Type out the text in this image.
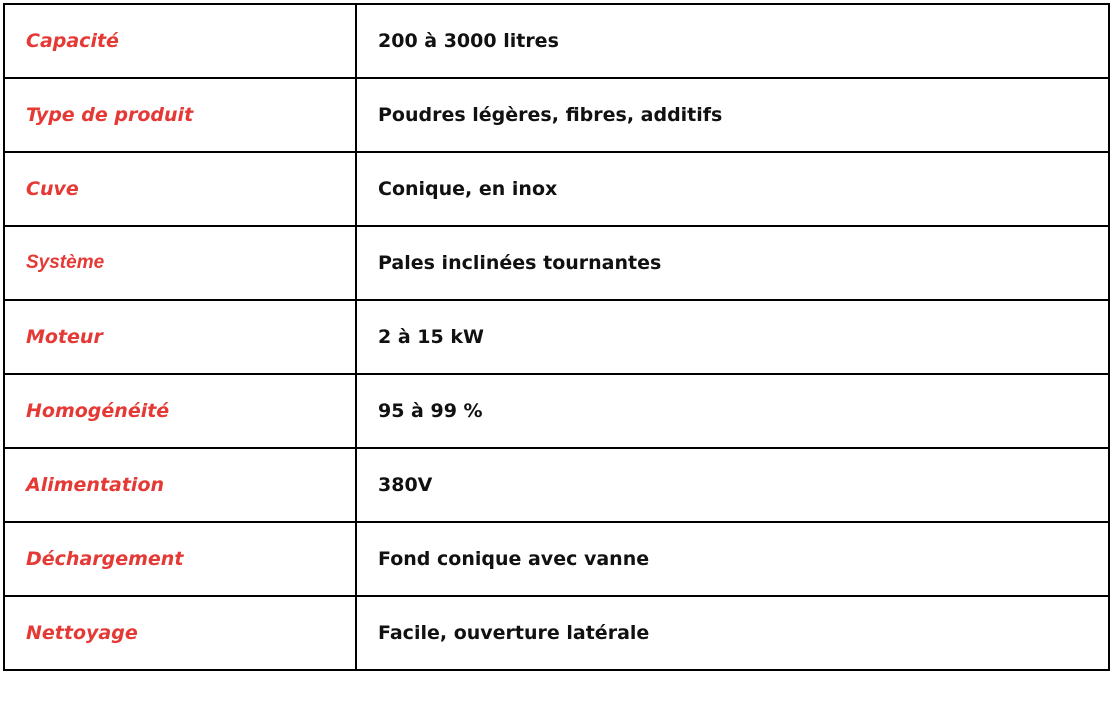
Capacité	200 à 3000 litres
Type de produit	Poudres légères, fibres, additifs
Cuve	Conique, en inox
Système	Pales inclinées tournantes
Moteur	2 à 15 kW
Homogénéité	95 à 99 %
Alimentation	380V
Déchargement	Fond conique avec vanne
Nettoyage	Facile, ouverture latérale
